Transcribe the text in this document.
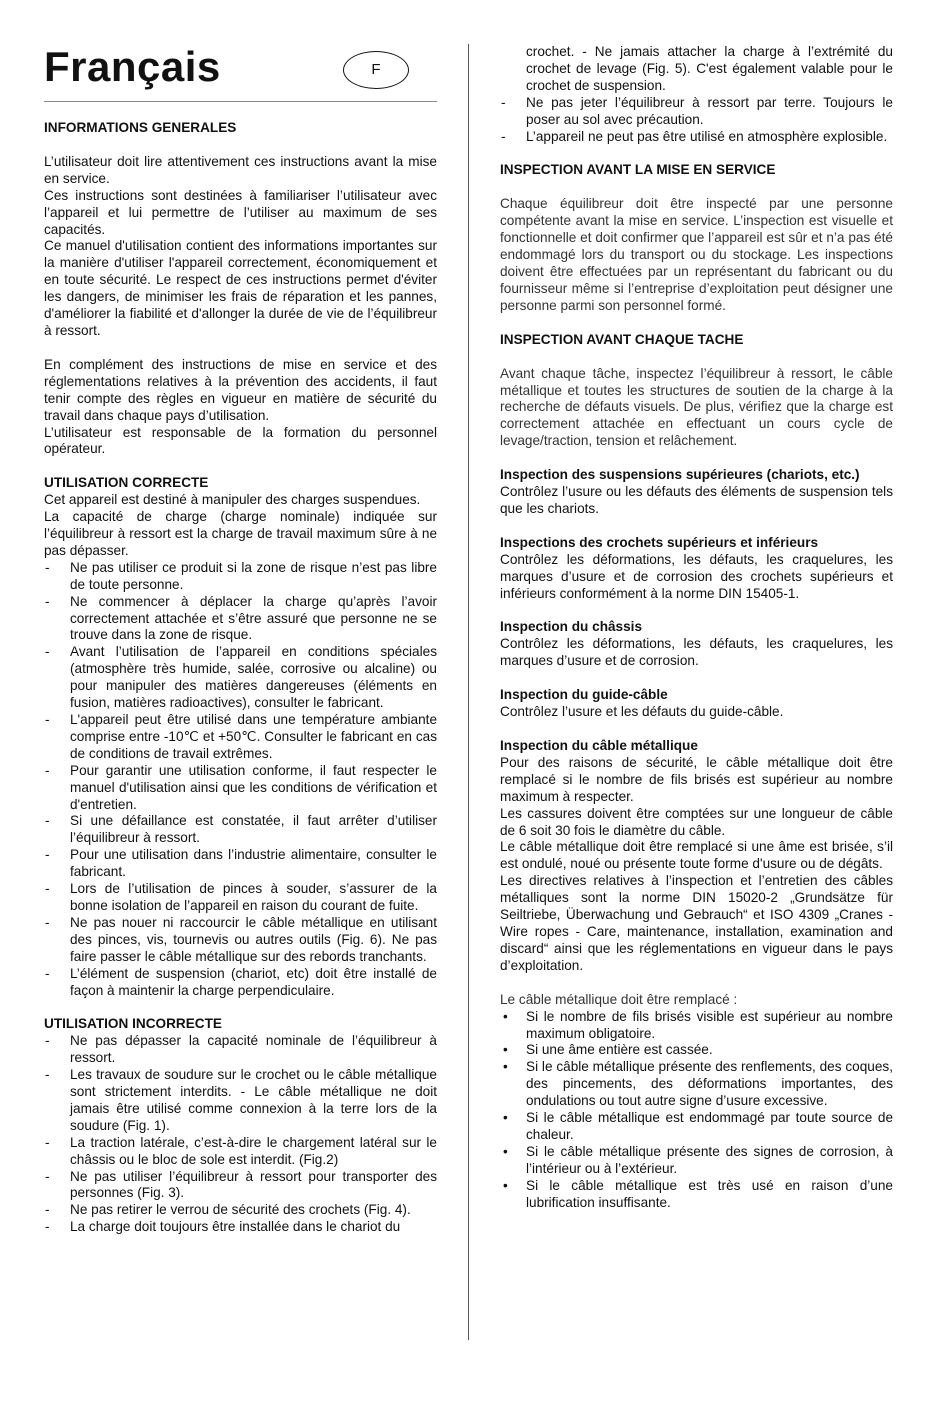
Français	F
INFORMATIONS GENERALES

L’utilisateur doit lire attentivement ces instructions avant la mise en service.

Ces instructions sont destinées à familiariser l’utilisateur avec l’appareil et lui permettre de l’utiliser au maximum de ses capacités.

Ce manuel d'utilisation contient des informations importantes sur la manière d'utiliser l'appareil correctement, économiquement et en toute sécurité. Le respect de ces instructions permet d'éviter les dangers, de minimiser les frais de réparation et les pannes, d'améliorer la fiabilité et d'allonger la durée de vie de l’équilibreur à ressort.

En complément des instructions de mise en service et des réglementations relatives à la prévention des accidents, il faut tenir compte des règles en vigueur en matière de sécurité du travail dans chaque pays d’utilisation.

L’utilisateur est responsable de la formation du personnel opérateur.

UTILISATION CORRECTE

Cet appareil est destiné à manipuler des charges suspendues.

La capacité de charge (charge nominale) indiquée sur l’équilibreur à ressort est la charge de travail maximum sûre à ne pas dépasser.

- Ne pas utiliser ce produit si la zone de risque n’est pas libre de toute personne.
- Ne commencer à déplacer la charge qu’après l’avoir correctement attachée et s’être assuré que personne ne se trouve dans la zone de risque.
- Avant l’utilisation de l’appareil en conditions spéciales (atmosphère très humide, salée, corrosive ou alcaline) ou pour manipuler des matières dangereuses (éléments en fusion, matières radioactives), consulter le fabricant.
- L'appareil peut être utilisé dans une température ambiante comprise entre -10℃ et +50℃. Consulter le fabricant en cas de conditions de travail extrêmes.
- Pour garantir une utilisation conforme, il faut respecter le manuel d'utilisation ainsi que les conditions de vérification et d'entretien.
- Si une défaillance est constatée, il faut arrêter d’utiliser l’équilibreur à ressort.
- Pour une utilisation dans l’industrie alimentaire, consulter le fabricant.
- Lors de l’utilisation de pinces à souder, s’assurer de la bonne isolation de l’appareil en raison du courant de fuite.
- Ne pas nouer ni raccourcir le câble métallique en utilisant des pinces, vis, tournevis ou autres outils (Fig. 6). Ne pas faire passer le câble métallique sur des rebords tranchants.
- L’élément de suspension (chariot, etc) doit être installé de façon à maintenir la charge perpendiculaire.
UTILISATION INCORRECTE
- Ne pas dépasser la capacité nominale de l’équilibreur à ressort.
- Les travaux de soudure sur le crochet ou le câble métallique sont strictement interdits. - Le câble métallique ne doit jamais être utilisé comme connexion à la terre lors de la soudure (Fig. 1).
- La traction latérale, c’est-à-dire le chargement latéral sur le châssis ou le bloc de sole est interdit. (Fig.2)
- Ne pas utiliser l’équilibreur à ressort pour transporter des personnes (Fig. 3).
- Ne pas retirer le verrou de sécurité des crochets (Fig. 4).
- La charge doit toujours être installée dans le chariot du
crochet. - Ne jamais attacher la charge à l’extrémité du crochet de levage (Fig. 5). C'est également valable pour le crochet de suspension.
- Ne pas jeter l’équilibreur à ressort par terre. Toujours le poser au sol avec précaution.
- L’appareil ne peut pas être utilisé en atmosphère explosible.
INSPECTION AVANT LA MISE EN SERVICE

Chaque équilibreur doit être inspecté par une personne compétente avant la mise en service. L’inspection est visuelle et fonctionnelle et doit confirmer que l’appareil est sûr et n’a pas été endommagé lors du transport ou du stockage. Les inspections doivent être effectuées par un représentant du fabricant ou du fournisseur même si l’entreprise d’exploitation peut désigner une personne parmi son personnel formé.

INSPECTION AVANT CHAQUE TACHE

Avant chaque tâche, inspectez l’équilibreur à ressort, le câble métallique et toutes les structures de soutien de la charge à la recherche de défauts visuels. De plus, vérifiez que la charge est correctement attachée en effectuant un cours cycle de levage/traction, tension et relâchement.

Inspection des suspensions supérieures (chariots, etc.)

Contrôlez l’usure ou les défauts des éléments de suspension tels que les chariots.

Inspections des crochets supérieurs et inférieurs

Contrôlez les déformations, les défauts, les craquelures, les marques d’usure et de corrosion des crochets supérieurs et inférieurs conformément à la norme DIN 15405-1.

Inspection du châssis

Contrôlez les déformations, les défauts, les craquelures, les marques d’usure et de corrosion.

Inspection du guide-câble

Contrôlez l’usure et les défauts du guide-câble.

Inspection du câble métallique

Pour des raisons de sécurité, le câble métallique doit être remplacé si le nombre de fils brisés est supérieur au nombre maximum à respecter.

Les cassures doivent être comptées sur une longueur de câble de 6 soit 30 fois le diamètre du câble.

Le câble métallique doit être remplacé si une âme est brisée, s’il est ondulé, noué ou présente toute forme d'usure ou de dégâts.

Les directives relatives à l’inspection et l’entretien des câbles métalliques sont la norme DIN 15020-2 „Grundsätze für Seiltriebe, Überwachung und Gebrauch“ et ISO 4309 „Cranes - Wire ropes - Care, maintenance, installation, examination and discard“ ainsi que les réglementations en vigueur dans le pays d’exploitation.

Le câble métallique doit être remplacé :

• Si le nombre de fils brisés visible est supérieur au nombre maximum obligatoire.
• Si une âme entière est cassée.
• Si le câble métallique présente des renflements, des coques, des pincements, des déformations importantes, des ondulations ou tout autre signe d’usure excessive.
• Si le câble métallique est endommagé par toute source de chaleur.
• Si le câble métallique présente des signes de corrosion, à l’intérieur ou à l’extérieur.
• Si le câble métallique est très usé en raison d’une lubrification insuffisante.
